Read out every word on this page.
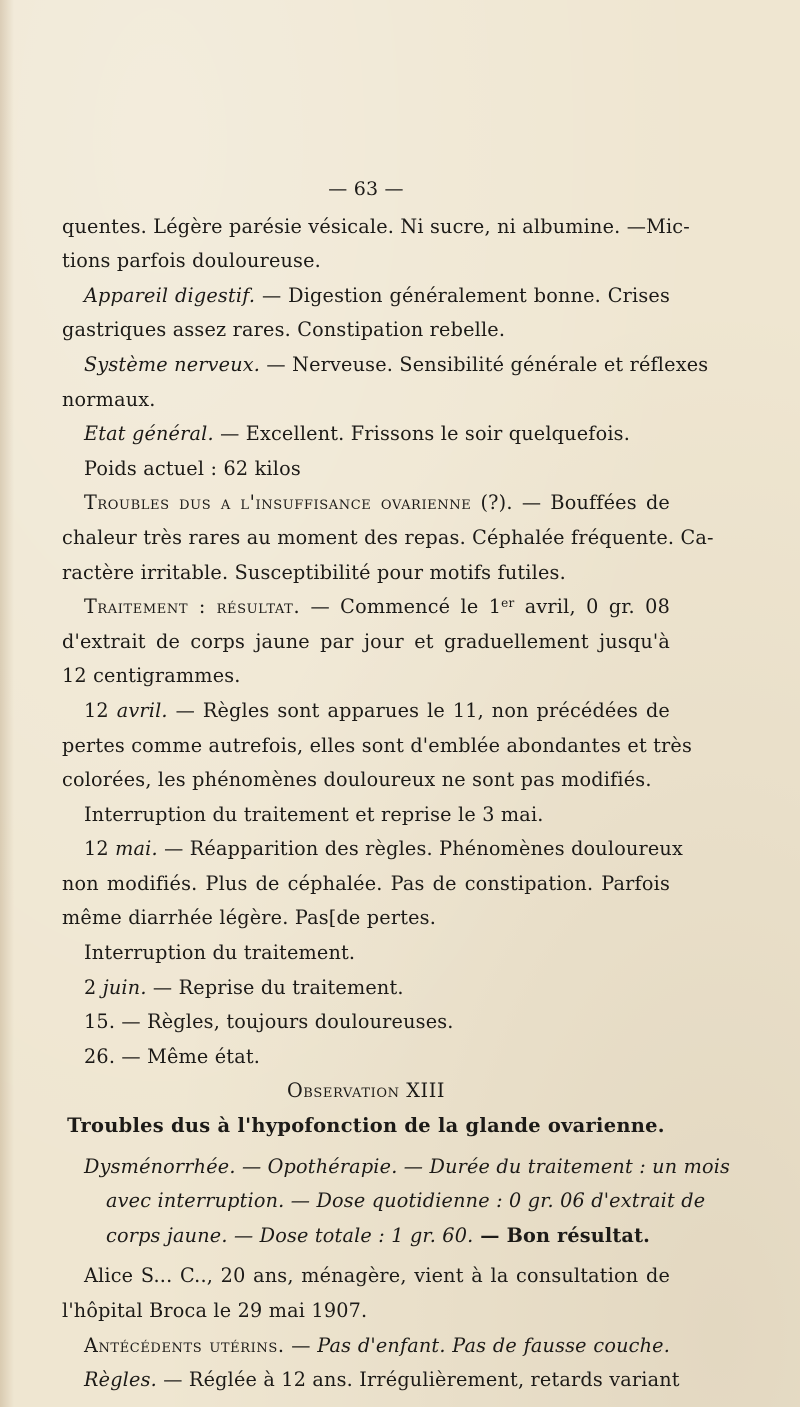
— 63 —
quentes. Légère parésie vésicale. Ni sucre, ni albumine. —Mic-
tions parfois douloureuse.
Appareil digestif. — Digestion généralement bonne. Crises
gastriques assez rares. Constipation rebelle.
Système nerveux. — Nerveuse. Sensibilité générale et réflexes
normaux.
Etat général. — Excellent. Frissons le soir quelquefois.
Poids actuel : 62 kilos
Troubles dus a l'insuffisance ovarienne (?). — Bouffées de
chaleur très rares au moment des repas. Céphalée fréquente. Ca-
ractère irritable. Susceptibilité pour motifs futiles.
Traitement : résultat. — Commencé le 1er avril, 0 gr. 08
d'extrait de corps jaune par jour et graduellement jusqu'à
12 centigrammes.
12 avril. — Règles sont apparues le 11, non précédées de
pertes comme autrefois, elles sont d'emblée abondantes et très
colorées, les phénomènes douloureux ne sont pas modifiés.
Interruption du traitement et reprise le 3 mai.
12 mai. — Réapparition des règles. Phénomènes douloureux
non modifiés. Plus de céphalée. Pas de constipation. Parfois
même diarrhée légère. Pas[de pertes.
Interruption du traitement.
2 juin. — Reprise du traitement.
15. — Règles, toujours douloureuses.
26. — Même état.
Observation XIII
Troubles dus à l'hypofonction de la glande ovarienne.
Dysménorrhée. — Opothérapie. — Durée du traitement : un mois
avec interruption. — Dose quotidienne : 0 gr. 06 d'extrait de
corps jaune. — Dose totale : 1 gr. 60. — Bon résultat.
Alice S... C.., 20 ans, ménagère, vient à la consultation de
l'hôpital Broca le 29 mai 1907.
Antécédents utérins. — Pas d'enfant. Pas de fausse couche.
Règles. — Réglée à 12 ans. Irrégulièrement, retards variant
